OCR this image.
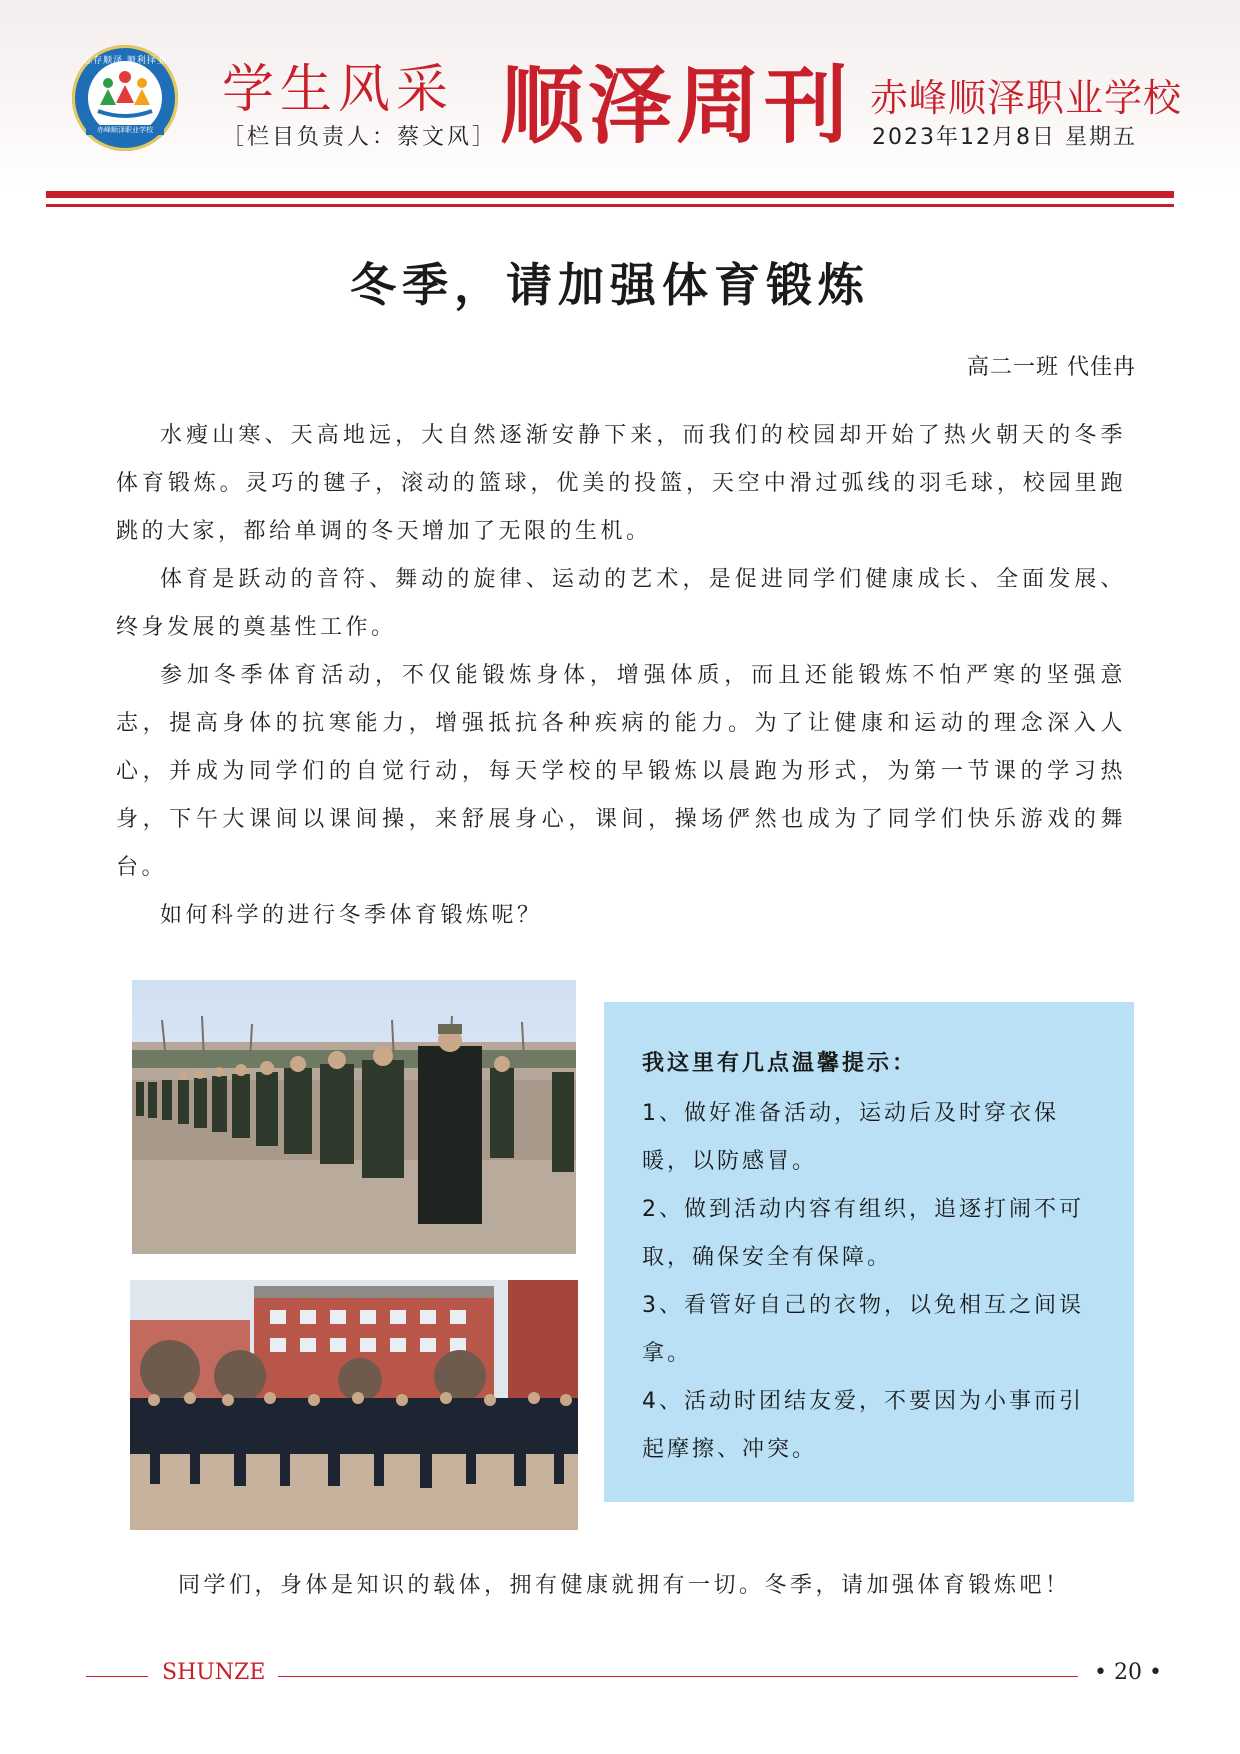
志存顺泽 顺利择业
赤峰顺泽职业学校
学生风采
［栏目负责人：蔡文风］ 顺泽周刊 赤峰顺泽职业学校
2023年12月8日 星期五
冬季，请加强体育锻炼
高二一班 代佳冉

水瘦山寒、天高地远，大自然逐渐安静下来，而我们的校园却开始了热火朝天的冬季体育锻炼。灵巧的毽子，滚动的篮球，优美的投篮，天空中滑过弧线的羽毛球，校园里跑跳的大家，都给单调的冬天增加了无限的生机。

体育是跃动的音符、舞动的旋律、运动的艺术，是促进同学们健康成长、全面发展、终身发展的奠基性工作。

参加冬季体育活动，不仅能锻炼身体，增强体质，而且还能锻炼不怕严寒的坚强意志，提高身体的抗寒能力，增强抵抗各种疾病的能力。为了让健康和运动的理念深入人心，并成为同学们的自觉行动，每天学校的早锻炼以晨跑为形式，为第一节课的学习热身，下午大课间以课间操，来舒展身心，课间，操场俨然也成为了同学们快乐游戏的舞台。

如何科学的进行冬季体育锻炼呢？

我这里有几点温馨提示：
1、做好准备活动，运动后及时穿衣保暖，以防感冒。
2、做到活动内容有组织，追逐打闹不可取，确保安全有保障。
3、看管好自己的衣物，以免相互之间误拿。
4、活动时团结友爱，不要因为小事而引起摩擦、冲突。
同学们，身体是知识的载体，拥有健康就拥有一切。冬季，请加强体育锻炼吧！
SHUNZE	• 20 •
